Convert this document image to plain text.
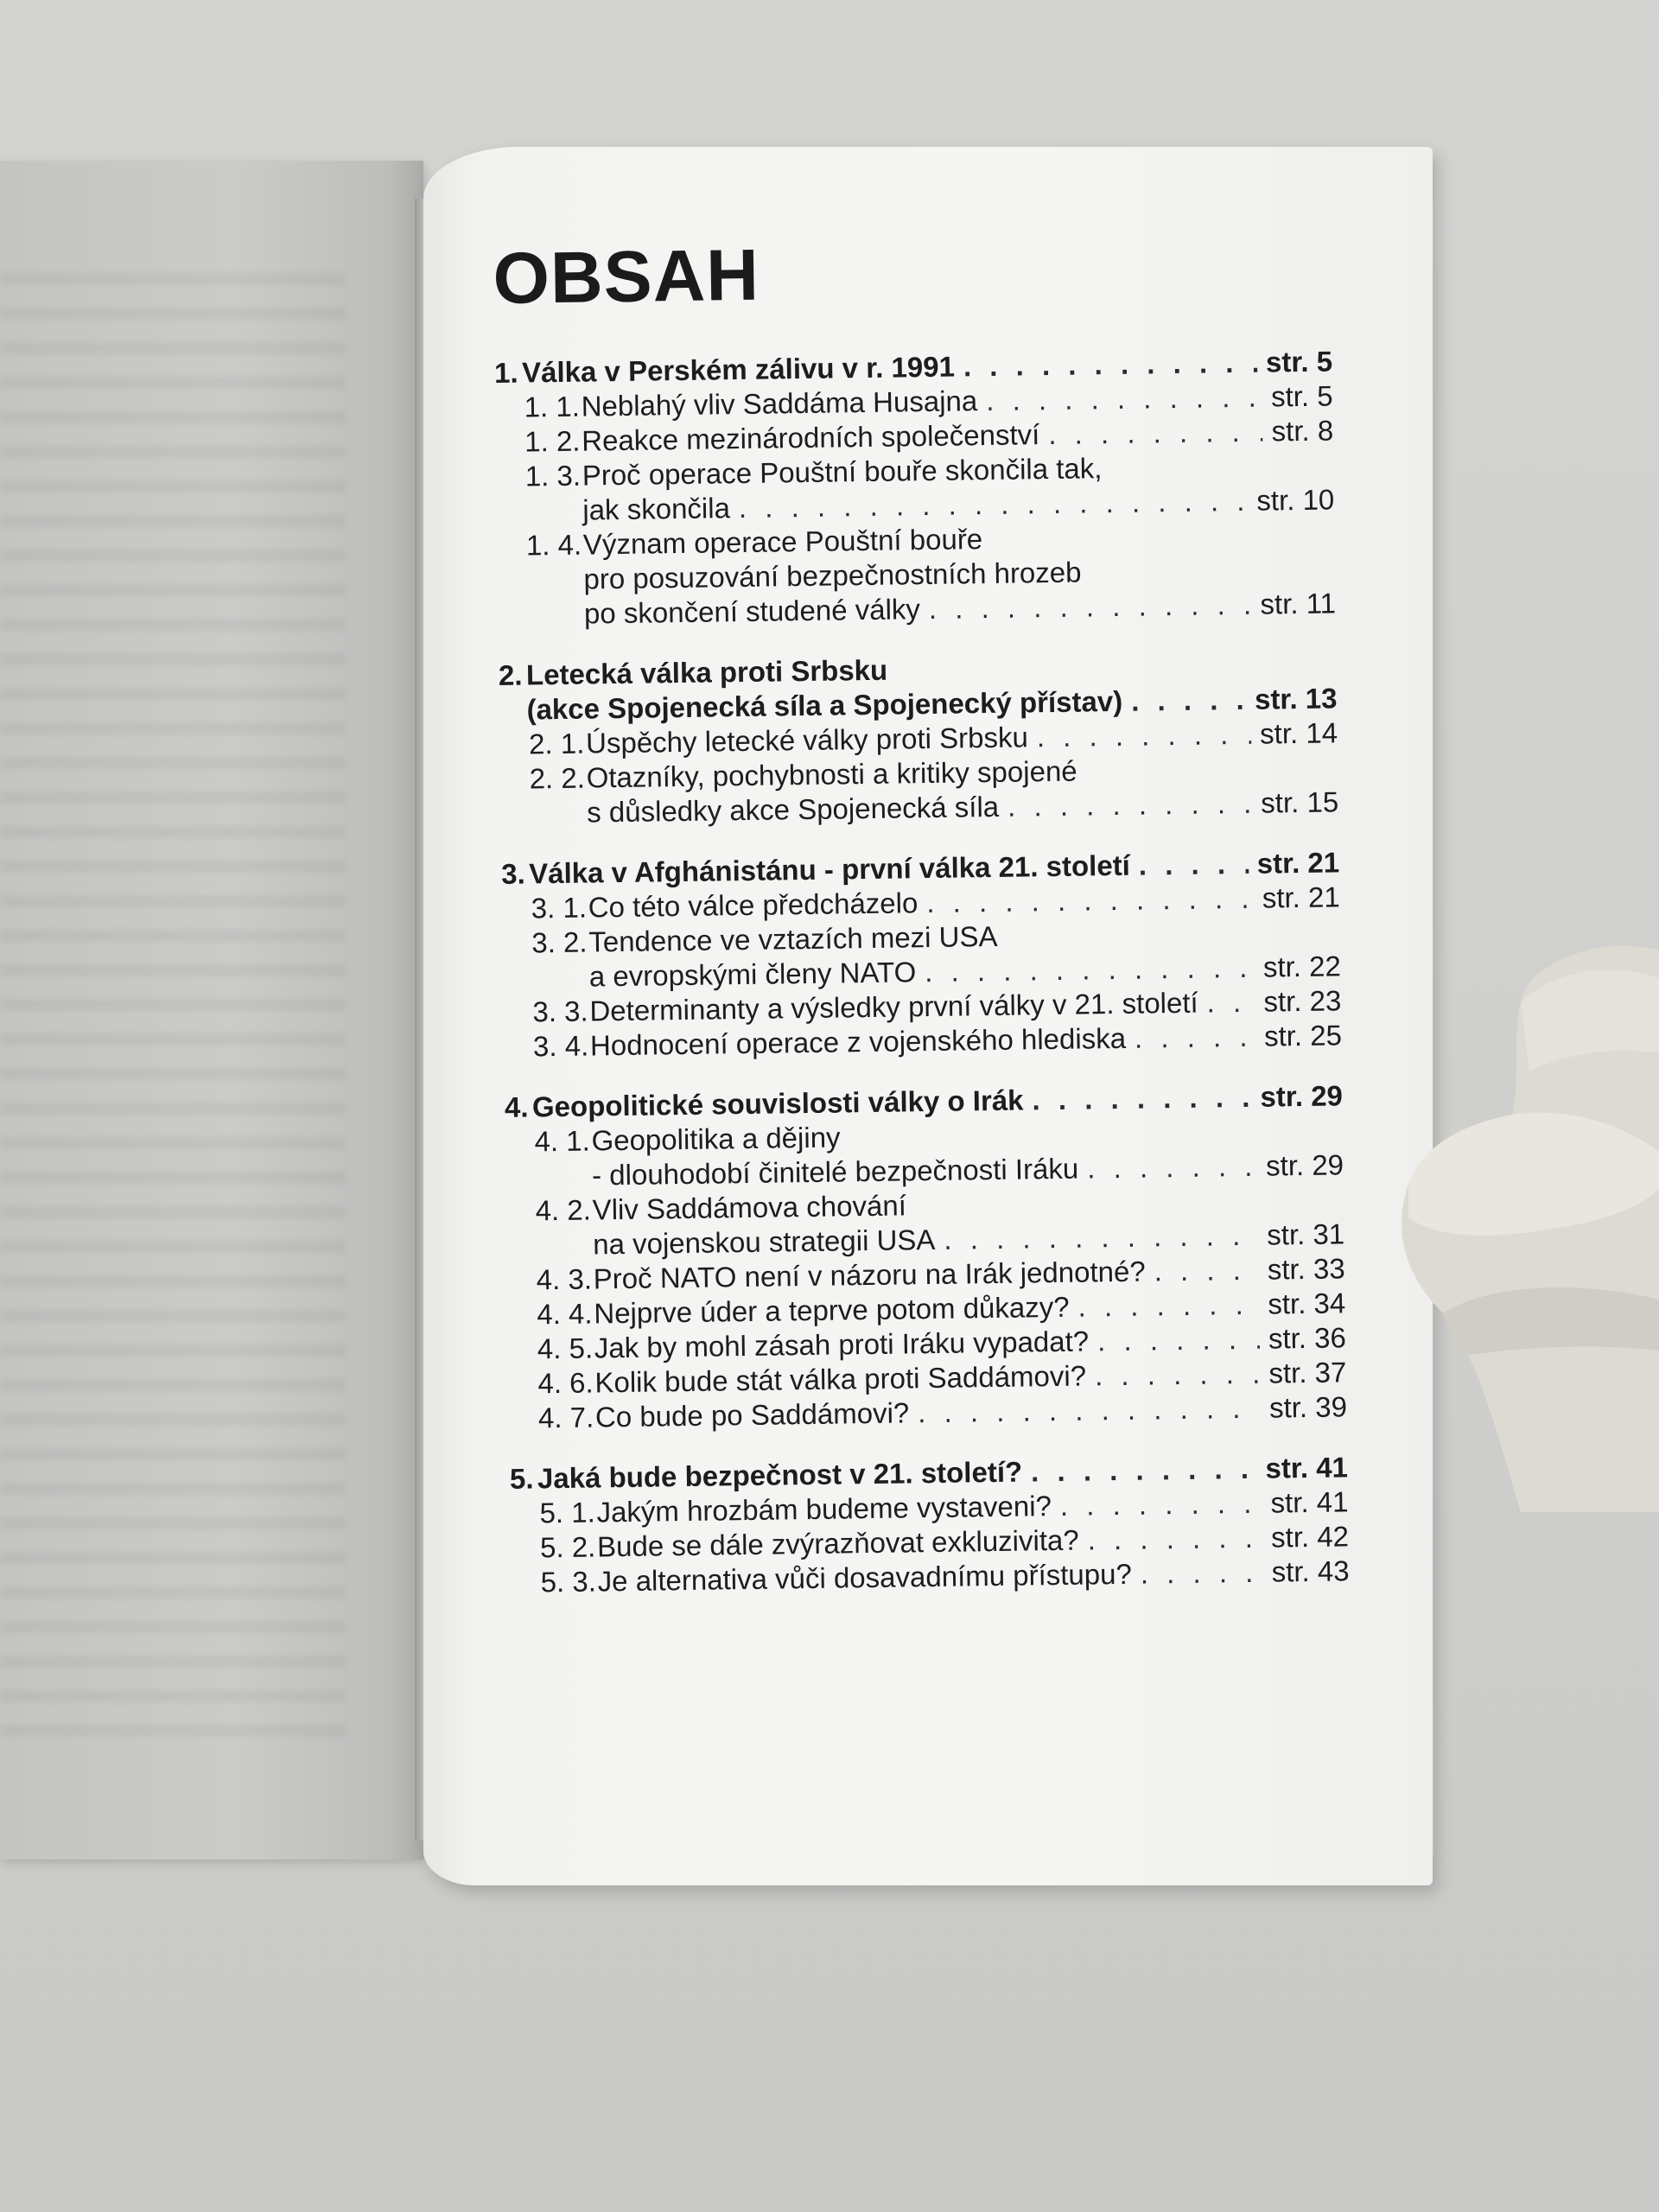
OBSAH
1. Válka v Perském zálivu v r. 1991 . . .	str. 5
1. 1. Neblahý vliv Saddáma Husajna . . .	str. 5
1. 2. Reakce mezinárodních společenství . . .	str. 8
1. 3. Proč operace Pouštní bouře skončila tak,
jak skončila . . .	str. 10
1. 4. Význam operace Pouštní bouře
pro posuzování bezpečnostních hrozeb
po skončení studené války . . .	str. 11
2. Letecká válka proti Srbsku
(akce Spojenecká síla a Spojenecký přístav) . . .	str. 13
2. 1. Úspěchy letecké války proti Srbsku . . .	str. 14
2. 2. Otazníky, pochybnosti a kritiky spojené
s důsledky akce Spojenecká síla . . .	str. 15
3. Válka v Afghánistánu - první válka 21. století . . .	str. 21
3. 1. Co této válce předcházelo . . .	str. 21
3. 2. Tendence ve vztazích mezi USA
a evropskými členy NATO . . .	str. 22
3. 3. Determinanty a výsledky první války v 21. století . . . str. 23
3. 4. Hodnocení operace z vojenského hlediska . . .	str. 25
4. Geopolitické souvislosti války o Irák . . .	str. 29
4. 1. Geopolitika a dějiny
- dlouhodobí činitelé bezpečnosti Iráku . . .	str. 29
4. 2. Vliv Saddámova chování
na vojenskou strategii USA . . .	str. 31
4. 3. Proč NATO není v názoru na Irák jednotné? . . .	str. 33
4. 4. Nejprve úder a teprve potom důkazy? . . .	str. 34
4. 5. Jak by mohl zásah proti Iráku vypadat? . . .	str. 36
4. 6. Kolik bude stát válka proti Saddámovi? . . .	str. 37
4. 7. Co bude po Saddámovi? . . .	str. 39
5. Jaká bude bezpečnost v 21. století? . . .	str. 41
5. 1. Jakým hrozbám budeme vystaveni? . . .	str. 41
5. 2. Bude se dále zvýrazňovat exkluzivita? . . .	str. 42
5. 3. Je alternativa vůči dosavadnímu přístupu? . . .	str. 43
